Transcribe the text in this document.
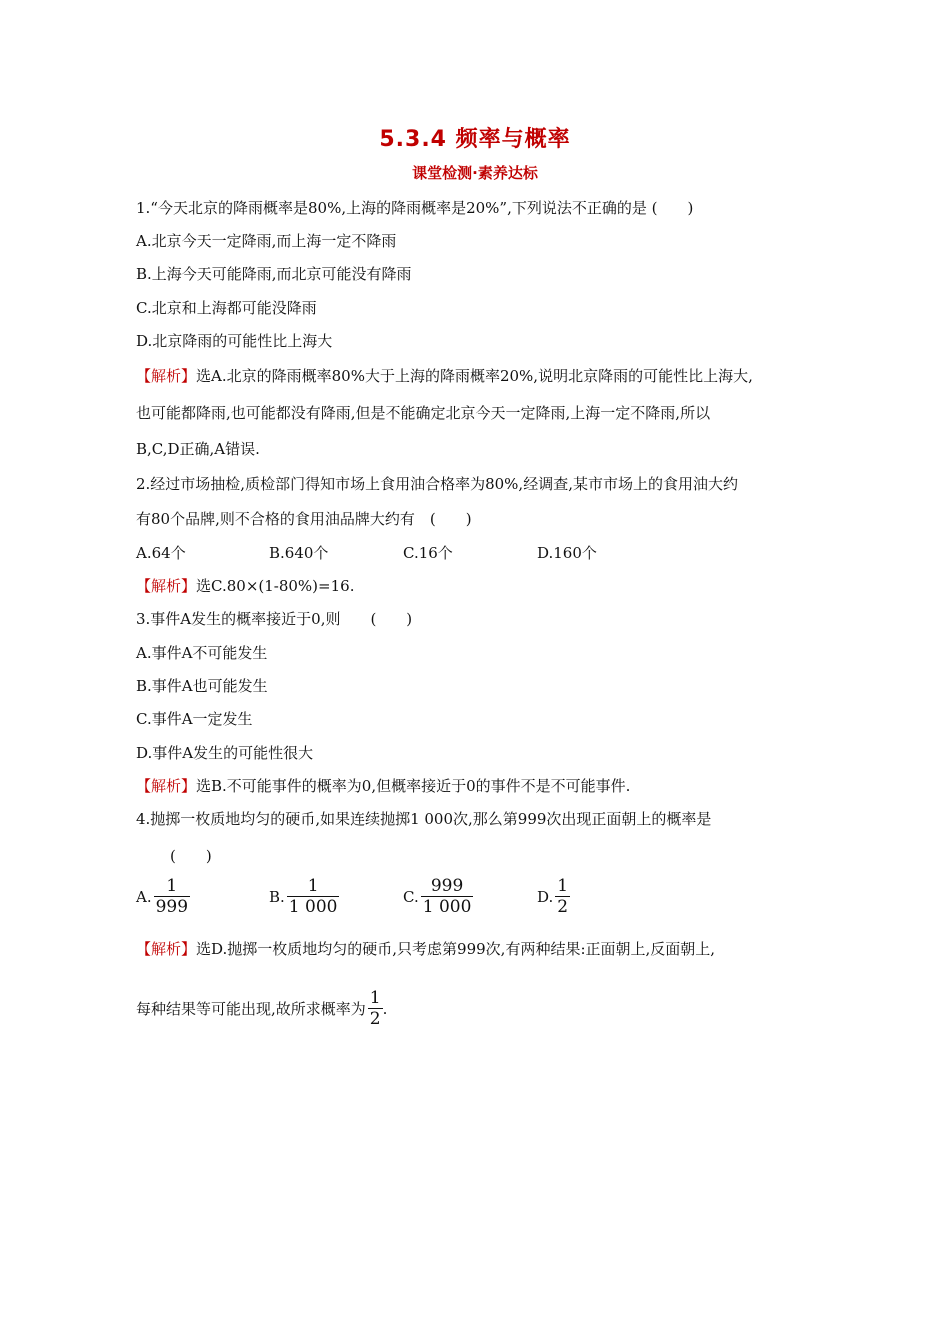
5.3.4 频率与概率
课堂检测·素养达标
1.“今天北京的降雨概率是80%,上海的降雨概率是20%”,下列说法不正确的是 (　　)
A.北京今天一定降雨,而上海一定不降雨
B.上海今天可能降雨,而北京可能没有降雨
C.北京和上海都可能没降雨
D.北京降雨的可能性比上海大
【解析】选A.北京的降雨概率80%大于上海的降雨概率20%,说明北京降雨的可能性比上海大,
也可能都降雨,也可能都没有降雨,但是不能确定北京今天一定降雨,上海一定不降雨,所以
B,C,D正确,A错误.
2.经过市场抽检,质检部门得知市场上食用油合格率为80%,经调查,某市市场上的食用油大约
有80个品牌,则不合格的食用油品牌大约有　(　　)
A.64个	B.640个	C.16个	D.160个
【解析】选C.80×(1-80%)=16.
3.事件A发生的概率接近于0,则　　(　　)
A.事件A不可能发生
B.事件A也可能发生
C.事件A一定发生
D.事件A发生的可能性很大
【解析】选B.不可能事件的概率为0,但概率接近于0的事件不是不可能事件.
4.抛掷一枚质地均匀的硬币,如果连续抛掷1 000次,那么第999次出现正面朝上的概率是
(　　)
A. $\frac{1}{999}$	B. $\frac{1}{1 000}$	C. $\frac{999}{1 000}$	D. $\frac{1}{2}$
【解析】选D.抛掷一枚质地均匀的硬币,只考虑第999次,有两种结果:正面朝上,反面朝上,
每种结果等可能出现,故所求概率为 $\frac{1}{2}$ .
